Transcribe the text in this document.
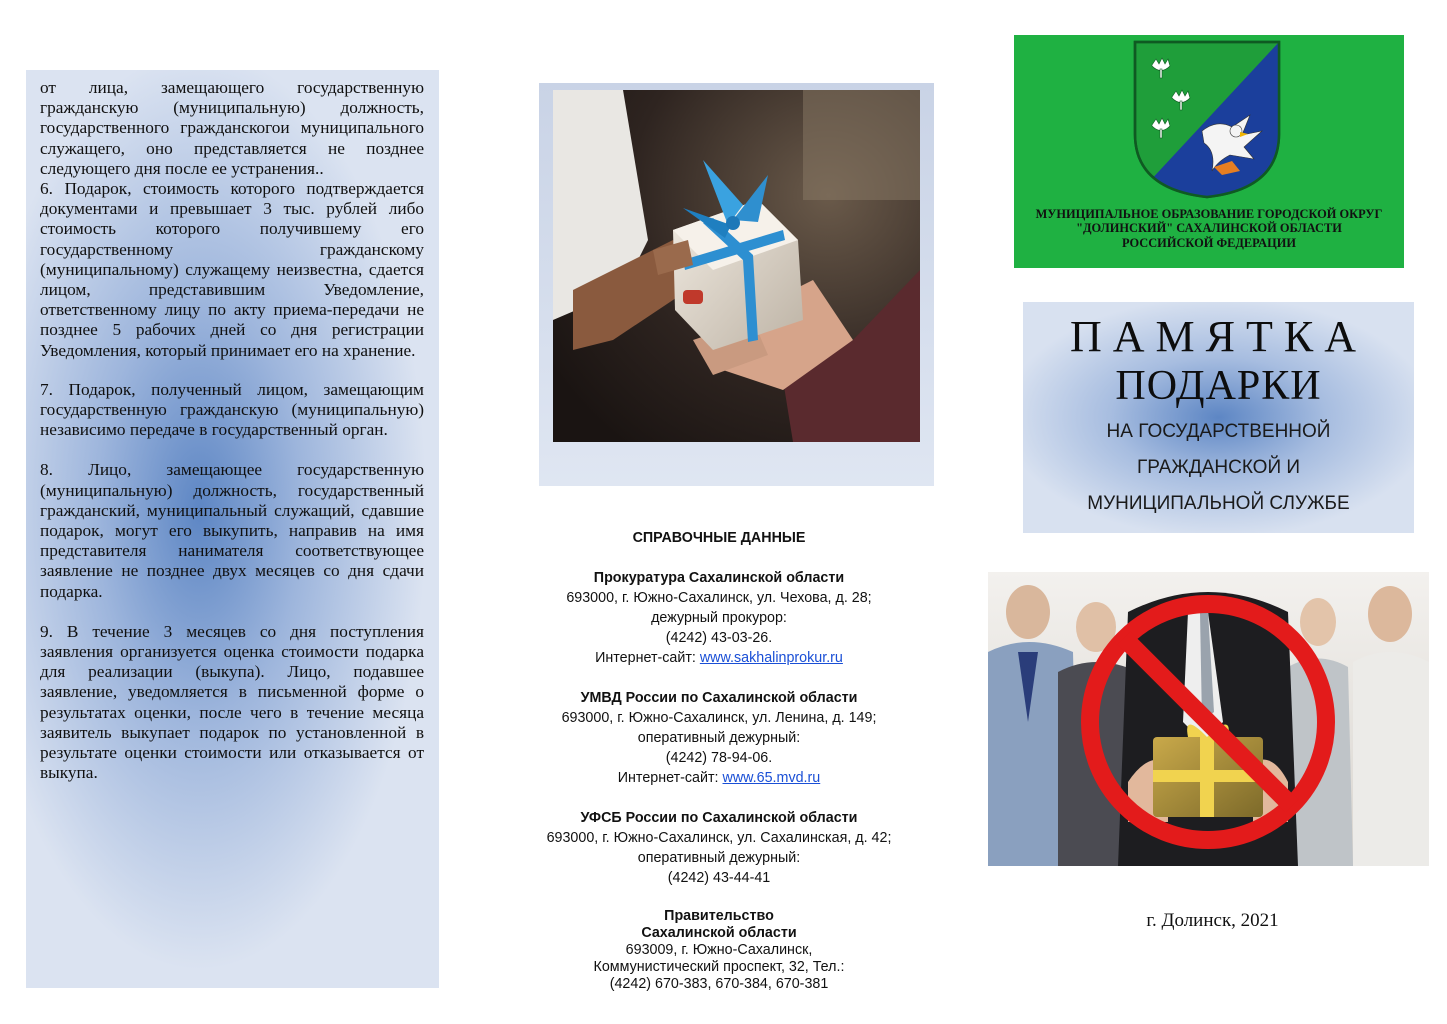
от лица, замещающего государственную гражданскую (муниципальную) должность, государственного гражданскогои муниципального служащего, оно представляется не позднее следующего дня после ее устранения..

6. Подарок, стоимость которого подтверждается документами и превышает 3 тыс. рублей либо стоимость которого получившему его государственному гражданскому (муниципальному) служащему неизвестна, сдается лицом, представившим Уведомление, ответственному лицу по акту приема-передачи не позднее 5 рабочих дней со дня регистрации Уведомления, который принимает его на хранение.

7. Подарок, полученный лицом, замещающим государственную гражданскую (муниципальную) независимо передаче в государственный орган.

8. Лицо, замещающее государственную (муниципальную) должность, государственный гражданский, муниципальный служащий, сдавшие подарок, могут его выкупить, направив на имя представителя нанимателя соответствующее заявление не позднее двух месяцев со дня сдачи подарка.

9. В течение 3 месяцев со дня поступления заявления организуется оценка стоимости подарка для реализации (выкупа). Лицо, подавшее заявление, уведомляется в письменной форме о результатах оценки, после чего в течение месяца заявитель выкупает подарок по установленной в результате оценки стоимости или отказывается от выкупа.

СПРАВОЧНЫЕ ДАННЫЕ
Прокуратура Сахалинской области
693000, г. Южно-Сахалинск, ул. Чехова, д. 28;
дежурный прокурор:
(4242) 43-03-26.
Интернет-сайт: www.sakhalinprokur.ru
УМВД России по Сахалинской области
693000, г. Южно-Сахалинск, ул. Ленина, д. 149;
оперативный дежурный:
(4242) 78-94-06.
Интернет-сайт: www.65.mvd.ru
УФСБ России по Сахалинской области
693000, г. Южно-Сахалинск, ул. Сахалинская, д. 42;
оперативный дежурный:
(4242) 43-44-41
Правительство
Сахалинской области
693009, г. Южно-Сахалинск,
Коммунистический проспект, 32, Тел.:
(4242) 670-383, 670-384, 670-381
МУНИЦИПАЛЬНОЕ ОБРАЗОВАНИЕ ГОРОДСКОЙ ОКРУГ
"ДОЛИНСКИЙ" САХАЛИНСКОЙ ОБЛАСТИ
РОССИЙСКОЙ ФЕДЕРАЦИИ
ПАМЯТКА
ПОДАРКИ
НА ГОСУДАРСТВЕННОЙ
ГРАЖДАНСКОЙ И
МУНИЦИПАЛЬНОЙ СЛУЖБЕ
г. Долинск, 2021
